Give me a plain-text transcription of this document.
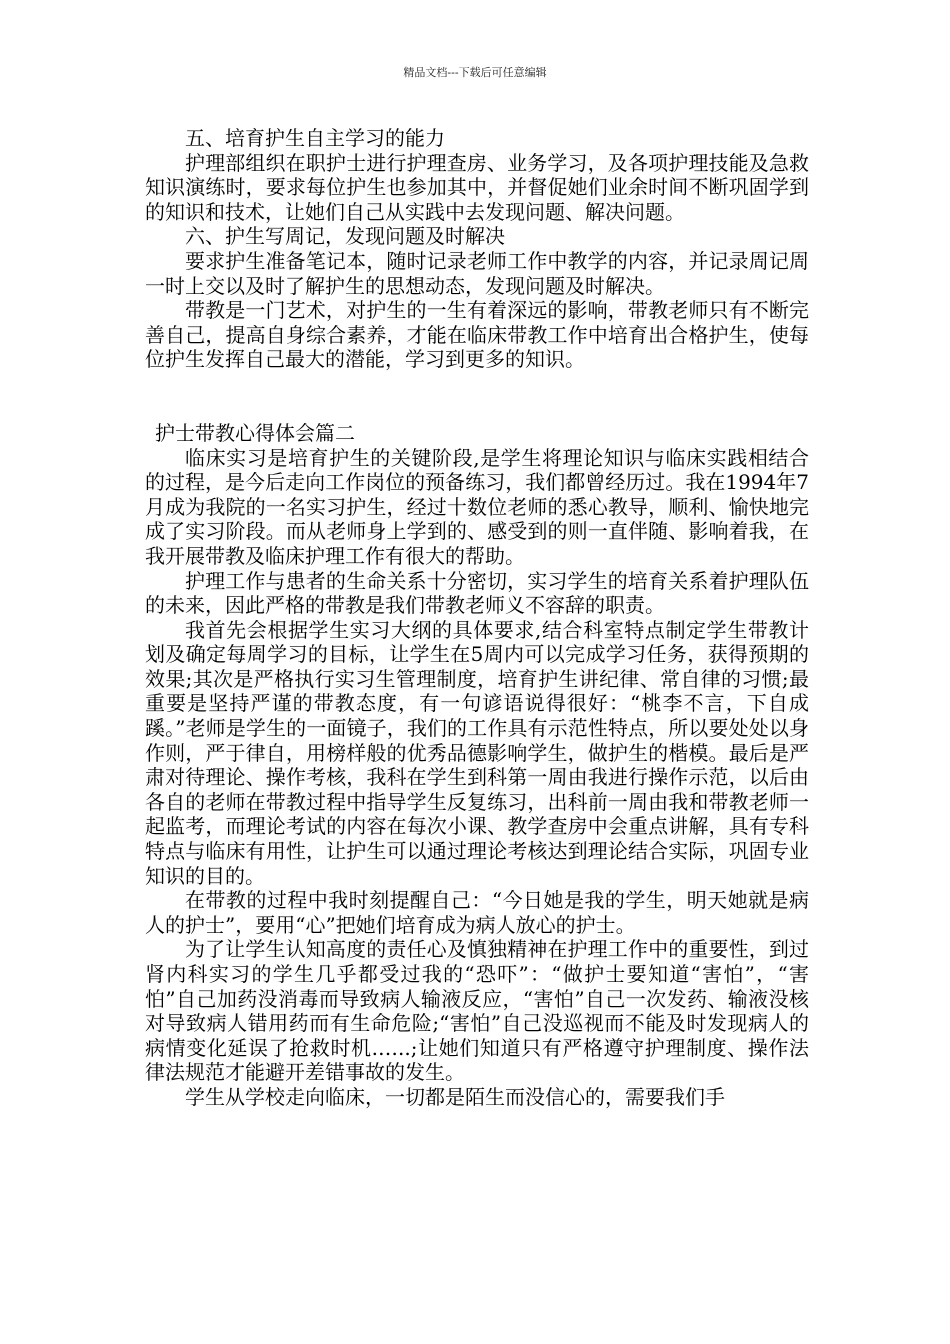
精品文档---下载后可任意编辑

五、培育护生自主学习的能力

护理部组织在职护士进行护理查房、业务学习，及各项护理技能及急救知识演练时，要求每位护生也参加其中，并督促她们业余时间不断巩固学到的知识和技术，让她们自己从实践中去发现问题、解决问题。

六、护生写周记，发现问题及时解决

要求护生准备笔记本，随时记录老师工作中教学的内容，并记录周记周一时上交以及时了解护生的思想动态，发现问题及时解决。

带教是一门艺术，对护生的一生有着深远的影响，带教老师只有不断完善自己，提高自身综合素养，才能在临床带教工作中培育出合格护生，使每位护生发挥自己最大的潜能，学习到更多的知识。

护士带教心得体会篇二

临床实习是培育护生的关键阶段,是学生将理论知识与临床实践相结合的过程，是今后走向工作岗位的预备练习，我们都曾经历过。我在1994年7月成为我院的一名实习护生，经过十数位老师的悉心教导，顺利、愉快地完成了实习阶段。而从老师身上学到的、感受到的则一直伴随、影响着我，在我开展带教及临床护理工作有很大的帮助。

护理工作与患者的生命关系十分密切，实习学生的培育关系着护理队伍的未来，因此严格的带教是我们带教老师义不容辞的职责。

我首先会根据学生实习大纲的具体要求,结合科室特点制定学生带教计划及确定每周学习的目标，让学生在5周内可以完成学习任务，获得预期的效果;其次是严格执行实习生管理制度，培育护生讲纪律、常自律的习惯;最重要是坚持严谨的带教态度，有一句谚语说得很好：“桃李不言，下自成蹊。”老师是学生的一面镜子，我们的工作具有示范性特点，所以要处处以身作则，严于律自，用榜样般的优秀品德影响学生，做护生的楷模。最后是严肃对待理论、操作考核，我科在学生到科第一周由我进行操作示范，以后由各自的老师在带教过程中指导学生反复练习，出科前一周由我和带教老师一起监考，而理论考试的内容在每次小课、教学查房中会重点讲解，具有专科特点与临床有用性，让护生可以通过理论考核达到理论结合实际，巩固专业知识的目的。

在带教的过程中我时刻提醒自己：“今日她是我的学生，明天她就是病人的护士”，要用“心”把她们培育成为病人放心的护士。

为了让学生认知高度的责任心及慎独精神在护理工作中的重要性，到过肾内科实习的学生几乎都受过我的“恐吓”：“做护士要知道“害怕”，“害怕”自己加药没消毒而导致病人输液反应，“害怕”自己一次发药、输液没核对导致病人错用药而有生命危险;“害怕”自己没巡视而不能及时发现病人的病情变化延误了抢救时机.…..;让她们知道只有严格遵守护理制度、操作法律法规范才能避开差错事故的发生。

学生从学校走向临床，一切都是陌生而没信心的，需要我们手
